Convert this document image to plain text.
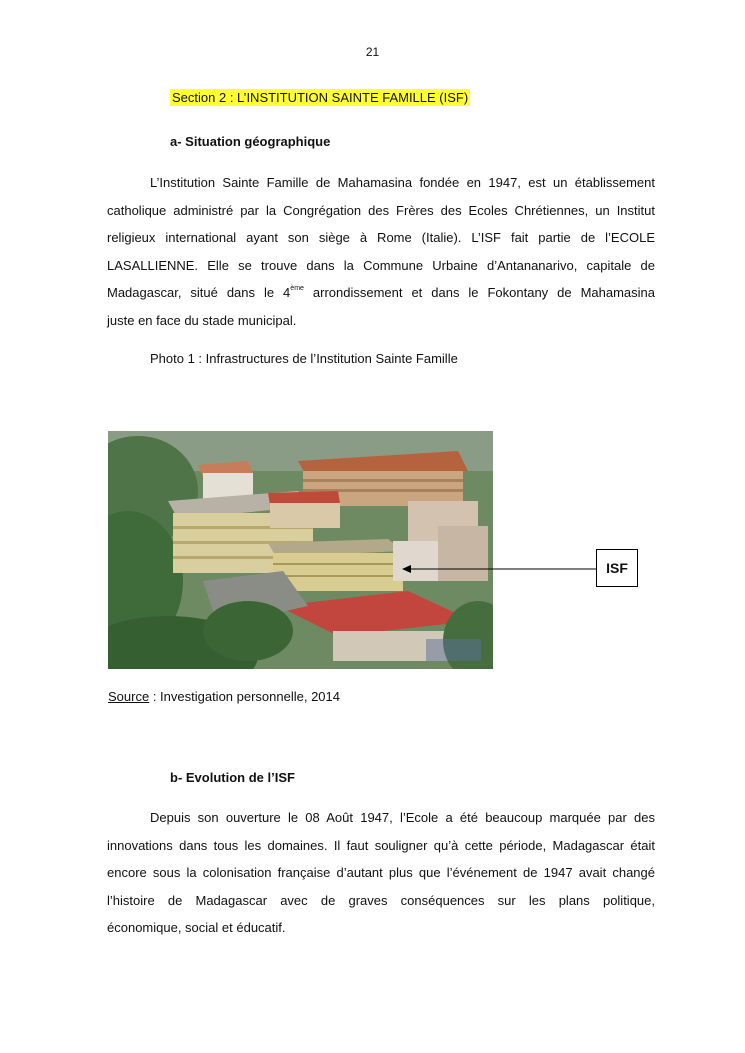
21
Section 2 : L’INSTITUTION SAINTE FAMILLE (ISF)
a- Situation géographique
L’Institution Sainte Famille de Mahamasina fondée en 1947, est un établissement
catholique administré par la Congrégation des Frères des Ecoles Chrétiennes, un Institut
religieux international ayant son siège à Rome (Italie). L’ISF fait partie de l’ECOLE
LASALLIENNE. Elle se trouve dans la Commune Urbaine d’Antananarivo, capitale de
Madagascar, situé dans le 4ème arrondissement et dans le Fokontany de Mahamasina
juste en face du stade municipal.
Photo 1 : Infrastructures de l’Institution Sainte Famille
ISF
Source : Investigation personnelle, 2014
b- Evolution de l’ISF
Depuis son ouverture le 08 Août 1947, l’Ecole a été beaucoup marquée par des
innovations dans tous les domaines. Il faut souligner qu’à cette période, Madagascar était
encore sous la colonisation française d’autant plus que l’événement de 1947 avait changé
l’histoire de Madagascar avec de graves conséquences sur les plans politique,
économique, social et éducatif.
